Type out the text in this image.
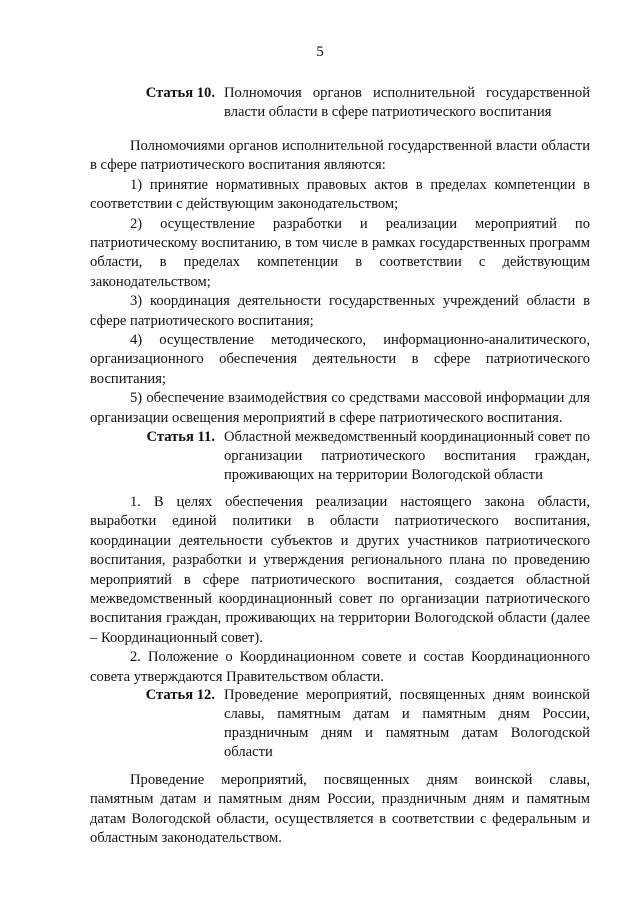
5
Статья 10. Полномочия органов исполнительной государственной власти области в сфере патриотического воспитания

Полномочиями органов исполнительной государственной власти области в сфере патриотического воспитания являются:

1) принятие нормативных правовых актов в пределах компетенции в соответствии с действующим законодательством;

2) осуществление разработки и реализации мероприятий по патриотическому воспитанию, в том числе в рамках государственных программ области, в пределах компетенции в соответствии с действующим законодательством;

3) координация деятельности государственных учреждений области в сфере патриотического воспитания;

4) осуществление методического, информационно-аналитического, организационного обеспечения деятельности в сфере патриотического воспитания;

5) обеспечение взаимодействия со средствами массовой информации для организации освещения мероприятий в сфере патриотического воспитания.

Статья 11. Областной межведомственный координационный совет по организации патриотического воспитания граждан, проживающих на территории Вологодской области

1. В целях обеспечения реализации настоящего закона области, выработки единой политики в области патриотического воспитания, координации деятельности субъектов и других участников патриотического воспитания, разработки и утверждения регионального плана по проведению мероприятий в сфере патриотического воспитания, создается областной межведомственный координационный совет по организации патриотического воспитания граждан, проживающих на территории Вологодской области (далее – Координационный совет).

2. Положение о Координационном совете и состав Координационного совета утверждаются Правительством области.

Статья 12. Проведение мероприятий, посвященных дням воинской славы, памятным датам и памятным дням России, праздничным дням и памятным датам Вологодской области

Проведение мероприятий, посвященных дням воинской славы, памятным датам и памятным дням России, праздничным дням и памятным датам Вологодской области, осуществляется в соответствии с федеральным и областным законодательством.
